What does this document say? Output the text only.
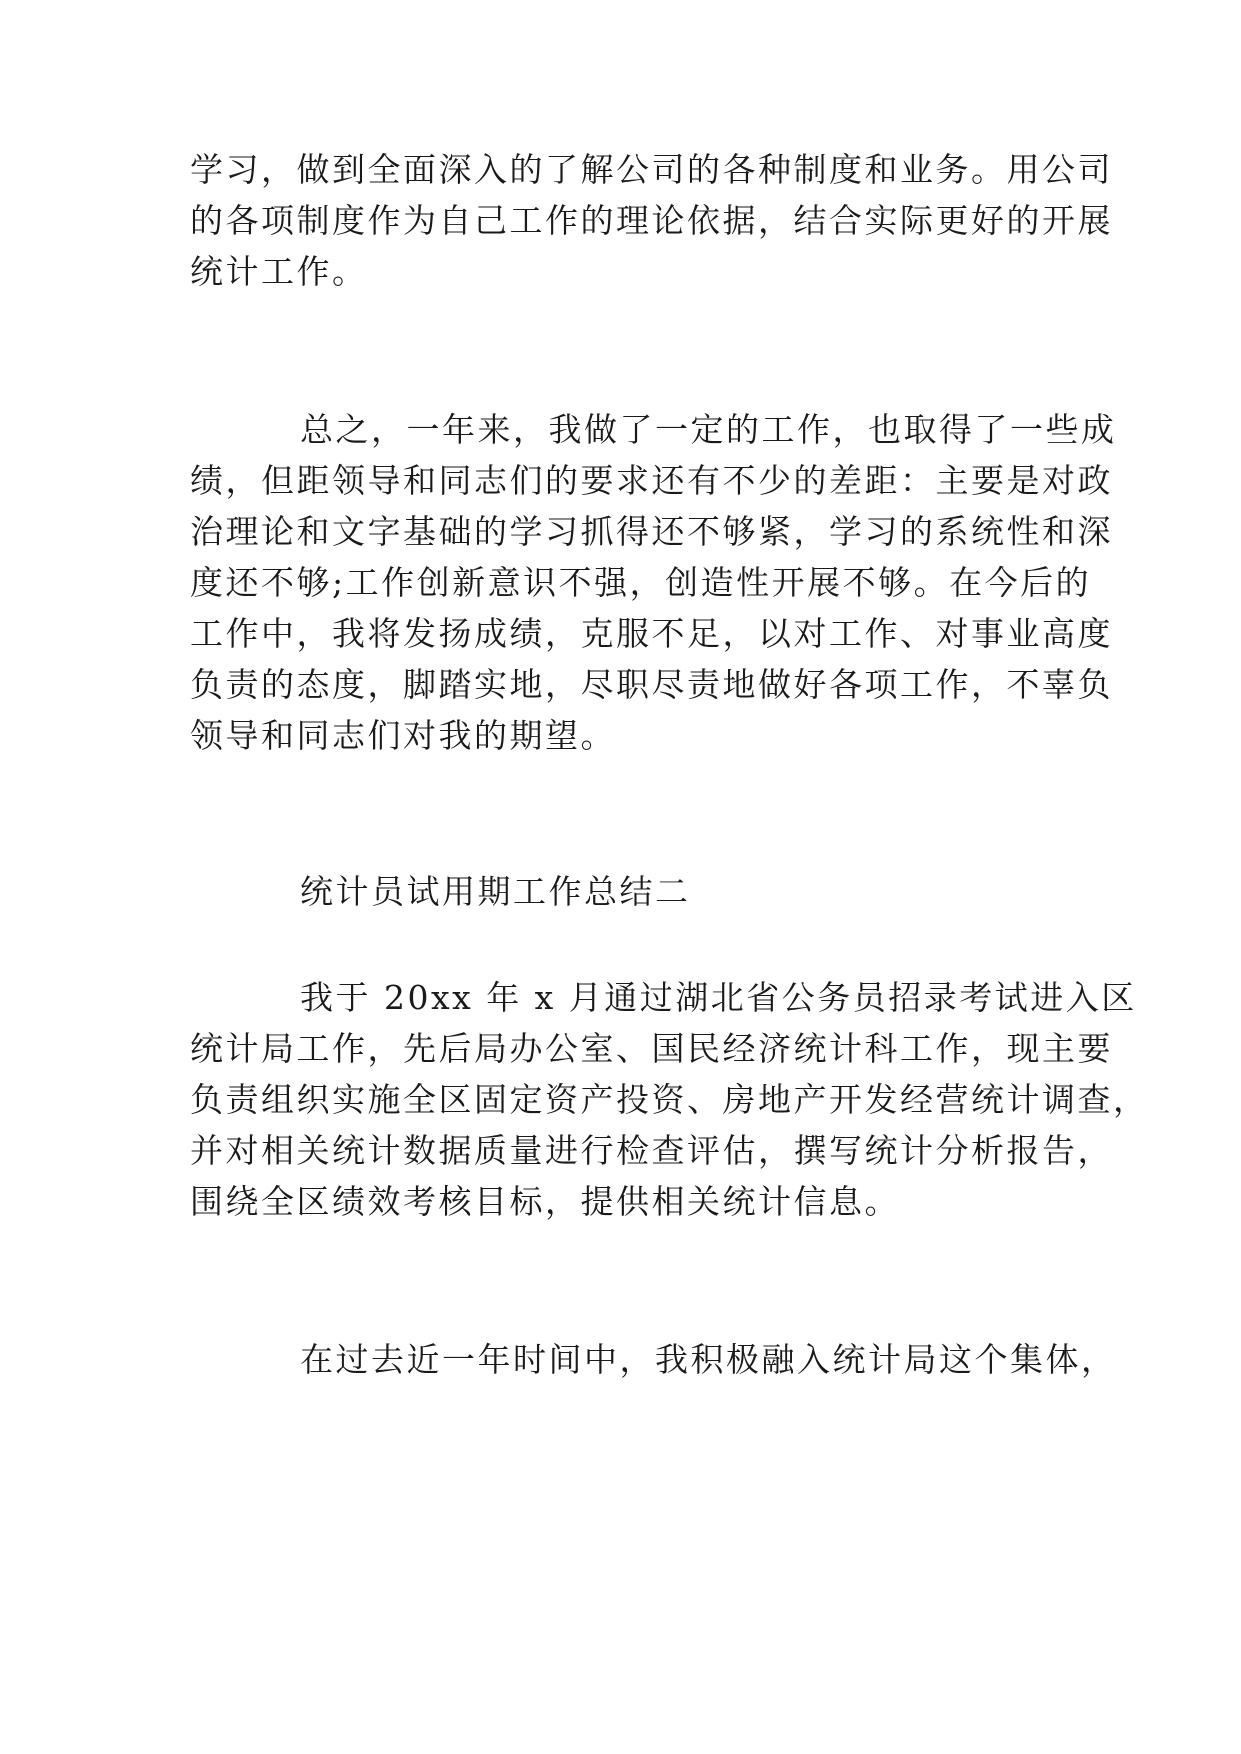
学习，做到全面深入的了解公司的各种制度和业务。用公司
的各项制度作为自己工作的理论依据，结合实际更好的开展
统计工作。
总之，一年来，我做了一定的工作，也取得了一些成
绩，但距领导和同志们的要求还有不少的差距：主要是对政
治理论和文字基础的学习抓得还不够紧，学习的系统性和深
度还不够;工作创新意识不强，创造性开展不够。在今后的
工作中，我将发扬成绩，克服不足，以对工作、对事业高度
负责的态度，脚踏实地，尽职尽责地做好各项工作，不辜负
领导和同志们对我的期望。
统计员试用期工作总结二
我于 20xx 年 x 月通过湖北省公务员招录考试进入区
统计局工作，先后局办公室、国民经济统计科工作，现主要
负责组织实施全区固定资产投资、房地产开发经营统计调查，
并对相关统计数据质量进行检查评估，撰写统计分析报告，
围绕全区绩效考核目标，提供相关统计信息。
在过去近一年时间中，我积极融入统计局这个集体，
